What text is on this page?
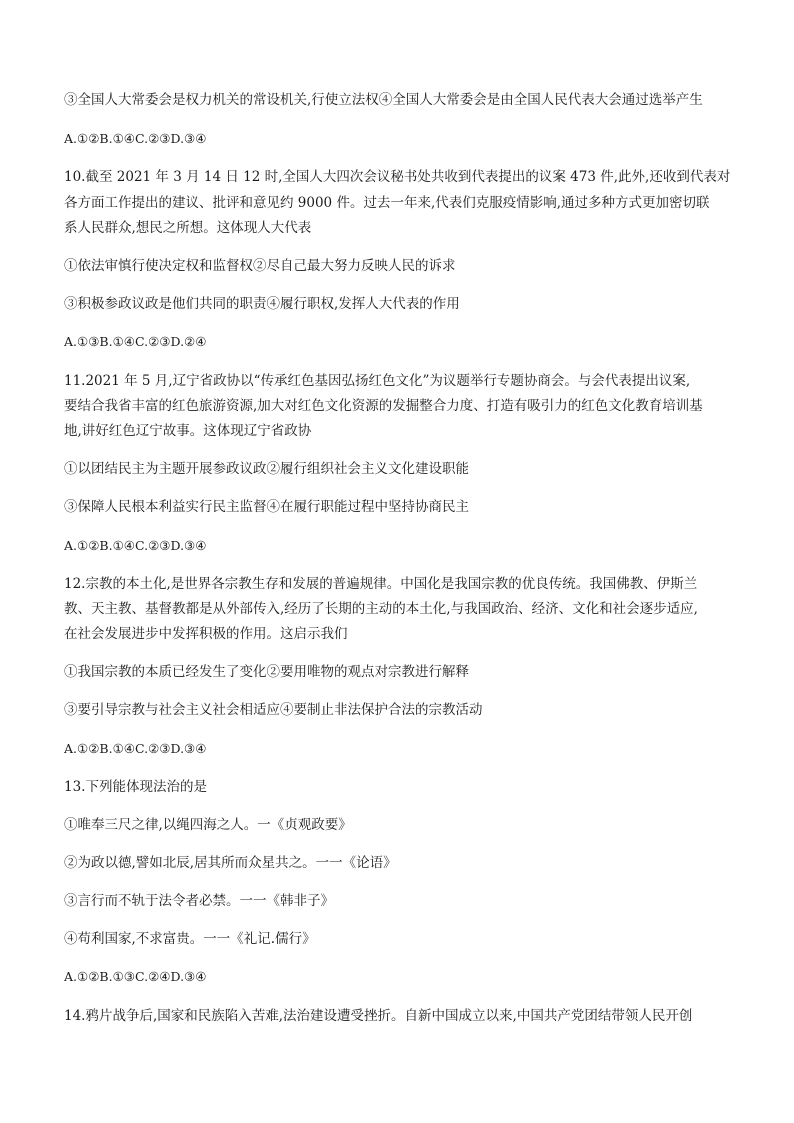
③全国人大常委会是权力机关的常设机关,行使立法权④全国人大常委会是由全国人民代表大会通过选举产生
A.①②B.①④C.②③D.③④
10.截至 2021 年 3 月 14 日 12 时,全国人大四次会议秘书处共收到代表提出的议案 473 件,此外,还收到代表对
各方面工作提出的建议、批评和意见约 9000 件。过去一年来,代表们克服疫情影响,通过多种方式更加密切联
系人民群众,想民之所想。这体现人大代表
①依法审慎行使决定权和监督权②尽自己最大努力反映人民的诉求
③积极参政议政是他们共同的职责④履行职权,发挥人大代表的作用
A.①③B.①④C.②③D.②④
11.2021 年 5 月,辽宁省政协以“传承红色基因弘扬红色文化”为议题举行专题协商会。与会代表提出议案,
要结合我省丰富的红色旅游资源,加大对红色文化资源的发掘整合力度、打造有吸引力的红色文化教育培训基
地,讲好红色辽宁故事。这体现辽宁省政协
①以团结民主为主题开展参政议政②履行组织社会主义文化建设职能
③保障人民根本利益实行民主监督④在履行职能过程中坚持协商民主
A.①②B.①④C.②③D.③④
12.宗教的本土化,是世界各宗教生存和发展的普遍规律。中国化是我国宗教的优良传统。我国佛教、伊斯兰
教、天主教、基督教都是从外部传入,经历了长期的主动的本土化,与我国政治、经济、文化和社会逐步适应,
在社会发展进步中发挥积极的作用。这启示我们
①我国宗教的本质已经发生了变化②要用唯物的观点对宗教进行解释
③要引导宗教与社会主义社会相适应④要制止非法保护合法的宗教活动
A.①②B.①④C.②③D.③④
13.下列能体现法治的是
①唯奉三尺之律,以绳四海之人。一《贞观政要》
②为政以德,譬如北辰,居其所而众星共之。一一《论语》
③言行而不轨于法令者必禁。一一《韩非子》
④苟利国家,不求富贵。一一《礼记.儒行》
A.①②B.①③C.②④D.③④
14.鸦片战争后,国家和民族陷入苦难,法治建设遭受挫折。自新中国成立以来,中国共产党团结带领人民开创
